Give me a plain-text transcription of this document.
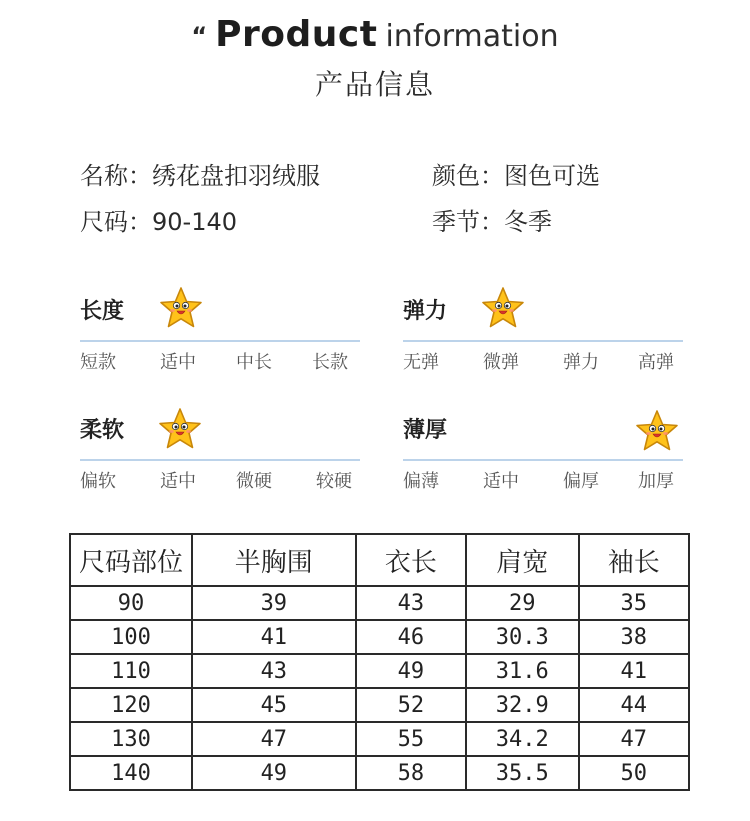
“ Product information
产品信息
名称：绣花盘扣羽绒服	颜色：图色可选
尺码：90-140	季节：冬季
长度
短款 适中 中长 长款
弹力
无弹 微弹 弹力 高弹
柔软
偏软 适中 微硬 较硬
薄厚
偏薄 适中 偏厚 加厚
尺码部位	半胸围	衣长	肩宽	袖长
90	39	43	29	35
100	41	46	30.3	38
110	43	49	31.6	41
120	45	52	32.9	44
130	47	55	34.2	47
140	49	58	35.5	50
